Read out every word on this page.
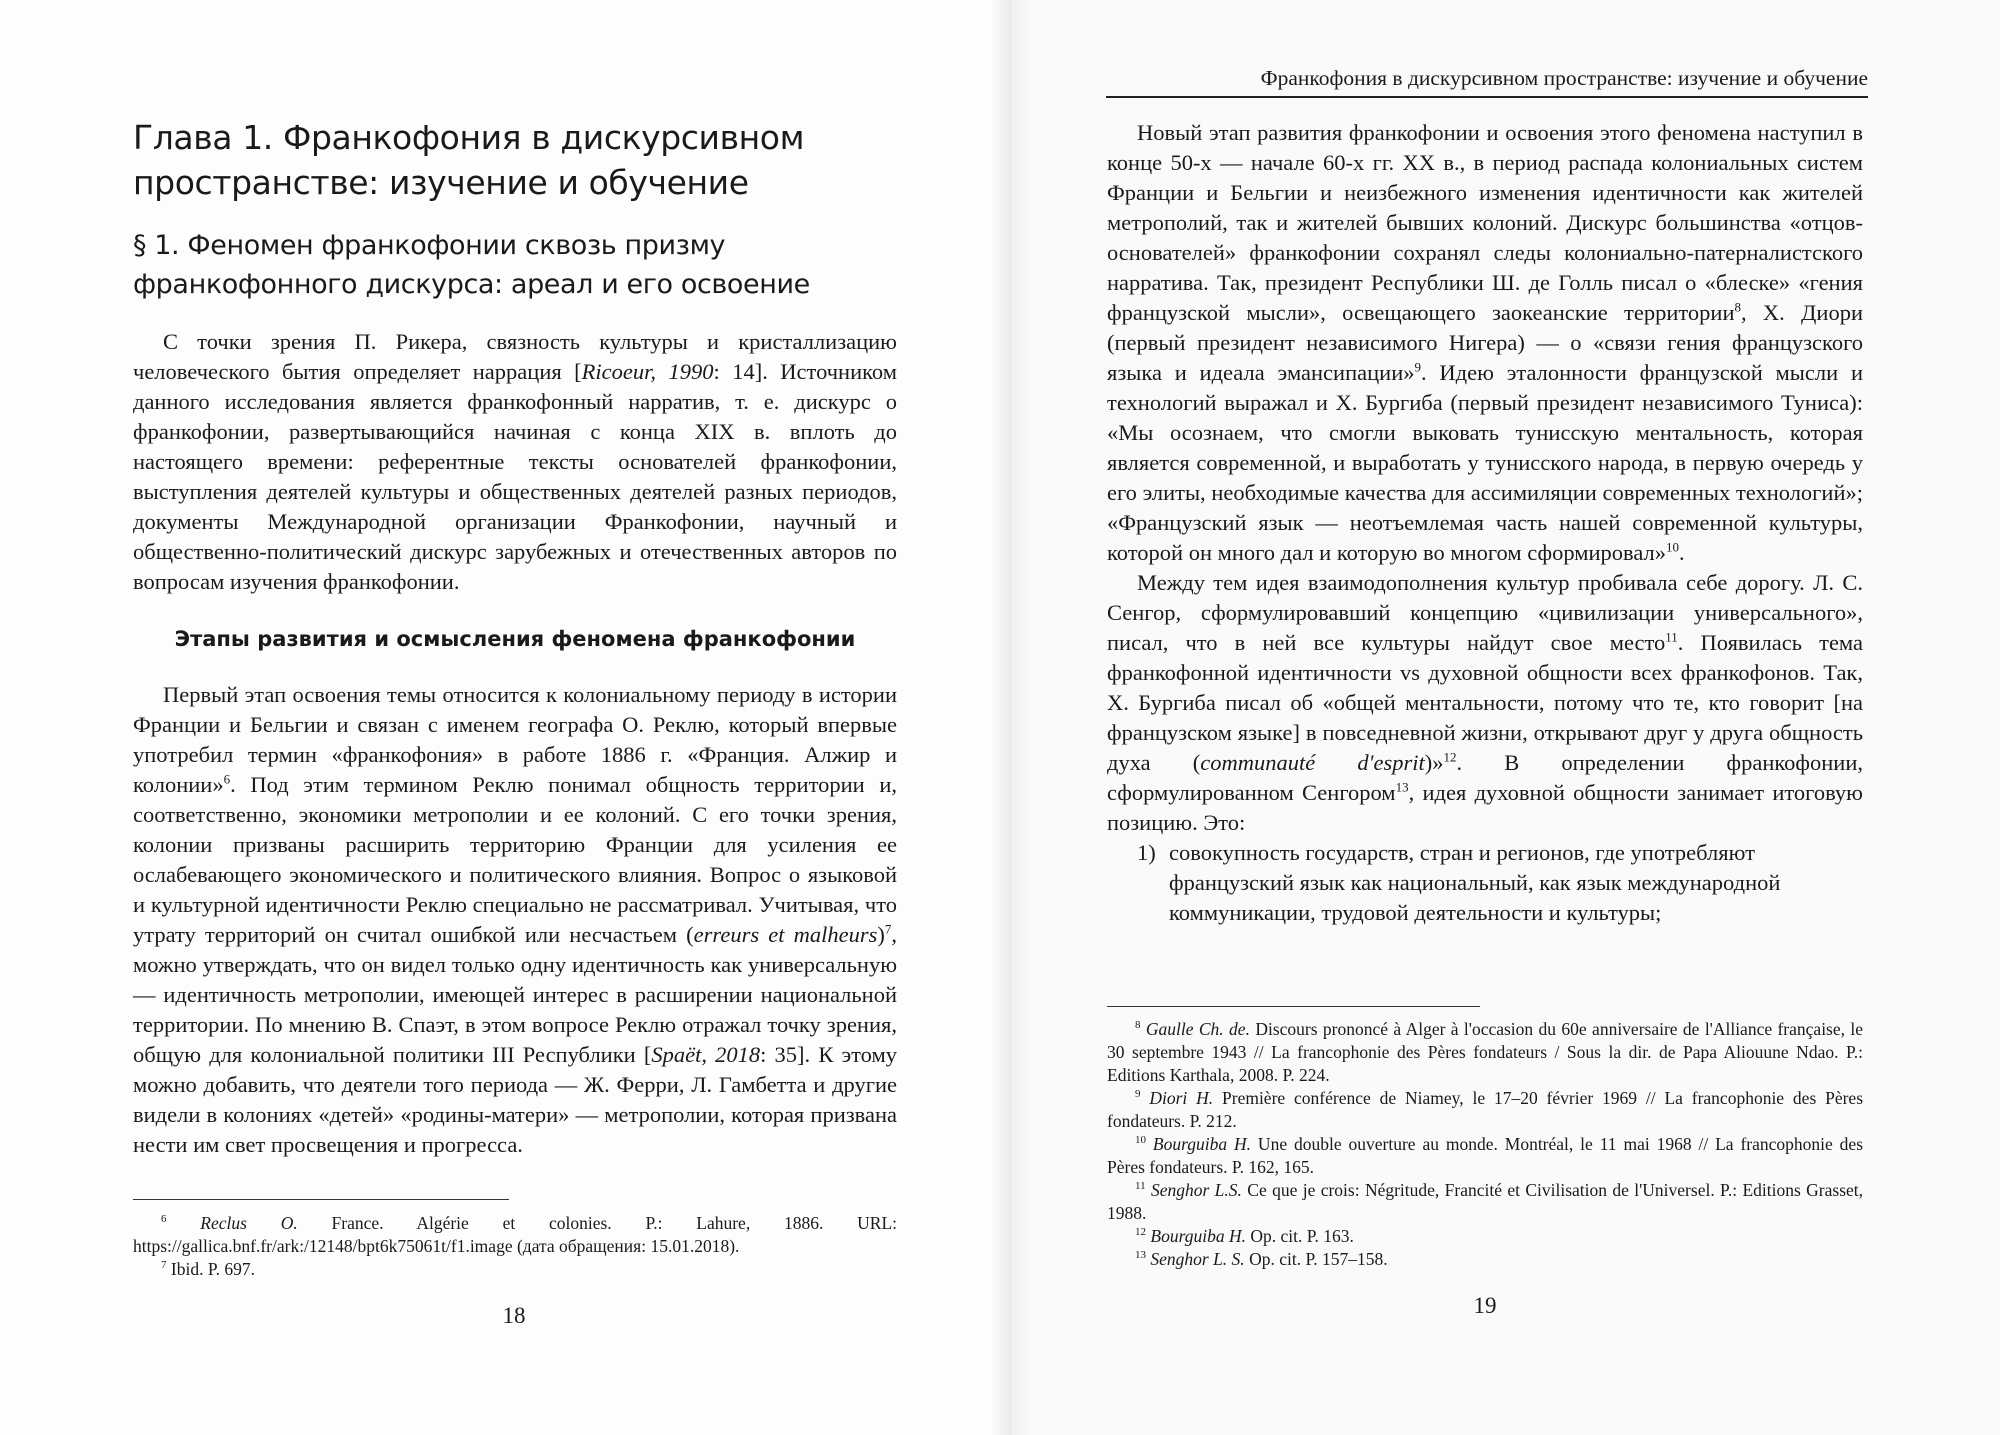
Глава 1. Франкофония в дискурсивном
пространстве: изучение и обучение
§ 1. Феномен франкофонии сквозь призму
франкофонного дискурса: ареал и его освоение

С точки зрения П. Рикера, связность культуры и кристаллизацию человеческого бытия определяет наррация [Ricoeur, 1990: 14]. Источником данного исследования является франкофонный нарратив, т. е. дискурс о франкофонии, развертывающийся начиная с конца XIX в. вплоть до настоящего времени: референтные тексты основателей франкофонии, выступления деятелей культуры и общественных деятелей разных периодов, документы Международной организации Франкофонии, научный и общественно-политический дискурс зарубежных и отечественных авторов по вопросам изучения франкофонии.

Этапы развития и осмысления феномена франкофонии

Первый этап освоения темы относится к колониальному периоду в истории Франции и Бельгии и связан с именем географа О. Реклю, который впервые употребил термин «франкофония» в работе 1886 г. «Франция. Алжир и колонии»$^6$. Под этим термином Реклю понимал общность территории и, соответственно, экономики метрополии и ее колоний. С его точки зрения, колонии призваны расширить территорию Франции для усиления ее ослабевающего экономического и политического влияния. Вопрос о языковой и культурной идентичности Реклю специально не рассматривал. Учитывая, что утрату территорий он считал ошибкой или несчастьем (erreurs et malheurs)$^7$, можно утверждать, что он видел только одну идентичность как универсальную — идентичность метрополии, имеющей интерес в расширении национальной территории. По мнению В. Спаэт, в этом вопросе Реклю отражал точку зрения, общую для колониальной политики III Республики [Spaët, 2018: 35]. К этому можно добавить, что деятели того периода — Ж. Ферри, Л. Гамбетта и другие видели в колониях «детей» «родины-матери» — метрополии, которая призвана нести им свет просвещения и прогресса.

$^6$ Reclus O. France. Algérie et colonies. P.: Lahure, 1886. URL: https://gallica.bnf.fr/ark:/12148/bpt6k75061t/f1.image (дата обращения: 15.01.2018).

$^7$ Ibid. P. 697.

18

Франкофония в дискурсивном пространстве: изучение и обучение

Новый этап развития франкофонии и освоения этого феномена наступил в конце 50-х — начале 60-х гг. XX в., в период распада колониальных систем Франции и Бельгии и неизбежного изменения идентичности как жителей метрополий, так и жителей бывших колоний. Дискурс большинства «отцов-основателей» франкофонии сохранял следы колониально-патерналистского нарратива. Так, президент Республики Ш. де Голль писал о «блеске» «гения французской мысли», освещающего заокеанские территории$^8$, Х. Диори (первый президент независимого Нигера) — о «связи гения французского языка и идеала эмансипации»$^9$. Идею эталонности французской мысли и технологий выражал и Х. Бургиба (первый президент независимого Туниса): «Мы осознаем, что смогли выковать тунисскую ментальность, которая является современной, и выработать у тунисского народа, в первую очередь у его элиты, необходимые качества для ассимиляции современных технологий»; «Французский язык — неотъемлемая часть нашей современной культуры, которой он много дал и которую во многом сформировал»$^{10}$.

Между тем идея взаимодополнения культур пробивала себе дорогу. Л. С. Сенгор, сформулировавший концепцию «цивилизации универсального», писал, что в ней все культуры найдут свое место$^{11}$. Появилась тема франкофонной идентичности vs духовной общности всех франкофонов. Так, Х. Бургиба писал об «общей ментальности, потому что те, кто говорит [на французском языке] в повседневной жизни, открывают друг у друга общность духа (communauté d'esprit)»$^{12}$. В определении франкофонии, сформулированном Сенгором$^{13}$, идея духовной общности занимает итоговую позицию. Это:

1) совокупность государств, стран и регионов, где употребляют французский язык как национальный, как язык международной коммуникации, трудовой деятельности и культуры;

$^8$ Gaulle Ch. de. Discours prononcé à Alger à l'occasion du 60e anniversaire de l'Alliance française, le 30 septembre 1943 // La francophonie des Pères fondateurs / Sous la dir. de Papa Aliouune Ndao. P.: Editions Karthala, 2008. P. 224.

$^9$ Diori H. Première conférence de Niamey, le 17–20 février 1969 // La francophonie des Pères fondateurs. P. 212.

$^{10}$ Bourguiba H. Une double ouverture au monde. Montréal, le 11 mai 1968 // La francophonie des Pères fondateurs. P. 162, 165.

$^{11}$ Senghor L.S. Ce que je crois: Négritude, Francité et Civilisation de l'Universel. P.: Editions Grasset, 1988.

$^{12}$ Bourguiba H. Op. cit. P. 163.

$^{13}$ Senghor L. S. Op. cit. P. 157–158.

19
